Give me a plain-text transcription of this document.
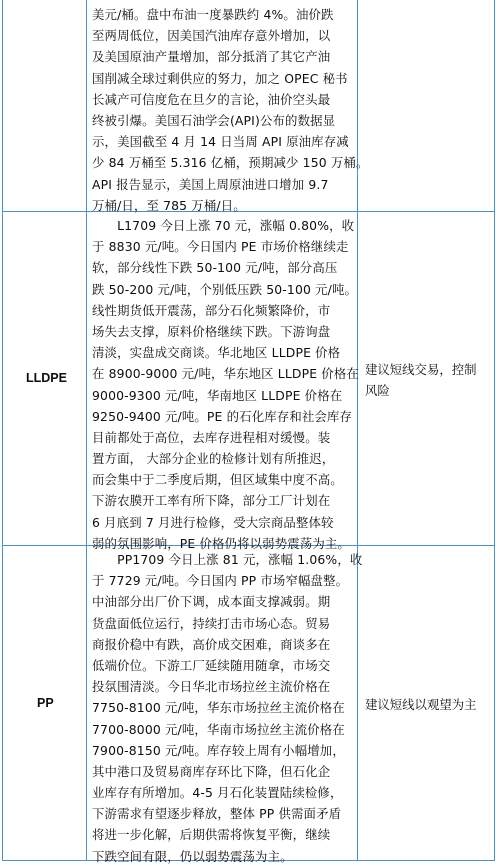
美元/桶。盘中布油一度暴跌约 4%。油价跌
至两周低位，因美国汽油库存意外增加，以
及美国原油产量增加，部分抵消了其它产油
国削减全球过剩供应的努力，加之 OPEC 秘书
长减产可信度危在旦夕的言论，油价空头最
终被引爆。美国石油学会(API)公布的数据显
示，美国截至 4 月 14 日当周 API 原油库存减
少 84 万桶至 5.316 亿桶，预期减少 150 万桶。
API 报告显示，美国上周原油进口增加 9.7
万桶/日，至 785 万桶/日。
LLDPE
　　L1709 今日上涨 70 元，涨幅 0.80%，收
于 8830 元/吨。今日国内 PE 市场价格继续走
软，部分线性下跌 50-100 元/吨，部分高压
跌 50-200 元/吨，个别低压跌 50-100 元/吨。
线性期货低开震荡，部分石化频繁降价，市
场失去支撑，原料价格继续下跌。下游询盘
清淡，实盘成交商谈。华北地区 LLDPE 价格
在 8900-9000 元/吨，华东地区 LLDPE 价格在
9000-9300 元/吨，华南地区 LLDPE 价格在
9250-9400 元/吨。PE 的石化库存和社会库存
目前都处于高位，去库存进程相对缓慢。装
置方面， 大部分企业的检修计划有所推迟，
而会集中于二季度后期，但区域集中度不高。
下游农膜开工率有所下降，部分工厂计划在
6 月底到 7 月进行检修，受大宗商品整体较
弱的氛围影响，PE 价格仍将以弱势震荡为主。
建议短线交易，控制
风险
PP
　　PP1709 今日上涨 81 元，涨幅 1.06%，收
于 7729 元/吨。今日国内 PP 市场窄幅盘整。
中油部分出厂价下调，成本面支撑减弱。期
货盘面低位运行，持续打击市场心态。贸易
商报价稳中有跌，高价成交困难，商谈多在
低端价位。下游工厂延续随用随拿，市场交
投氛围清淡。今日华北市场拉丝主流价格在
7750-8100 元/吨，华东市场拉丝主流价格在
7700-8000 元/吨，华南市场拉丝主流价格在
7900-8150 元/吨。库存较上周有小幅增加，
其中港口及贸易商库存环比下降，但石化企
业库存有所增加。4-5 月石化装置陆续检修，
下游需求有望逐步释放，整体 PP 供需面矛盾
将进一步化解，后期供需将恢复平衡，继续
下跌空间有限，仍以弱势震荡为主。
建议短线以观望为主
